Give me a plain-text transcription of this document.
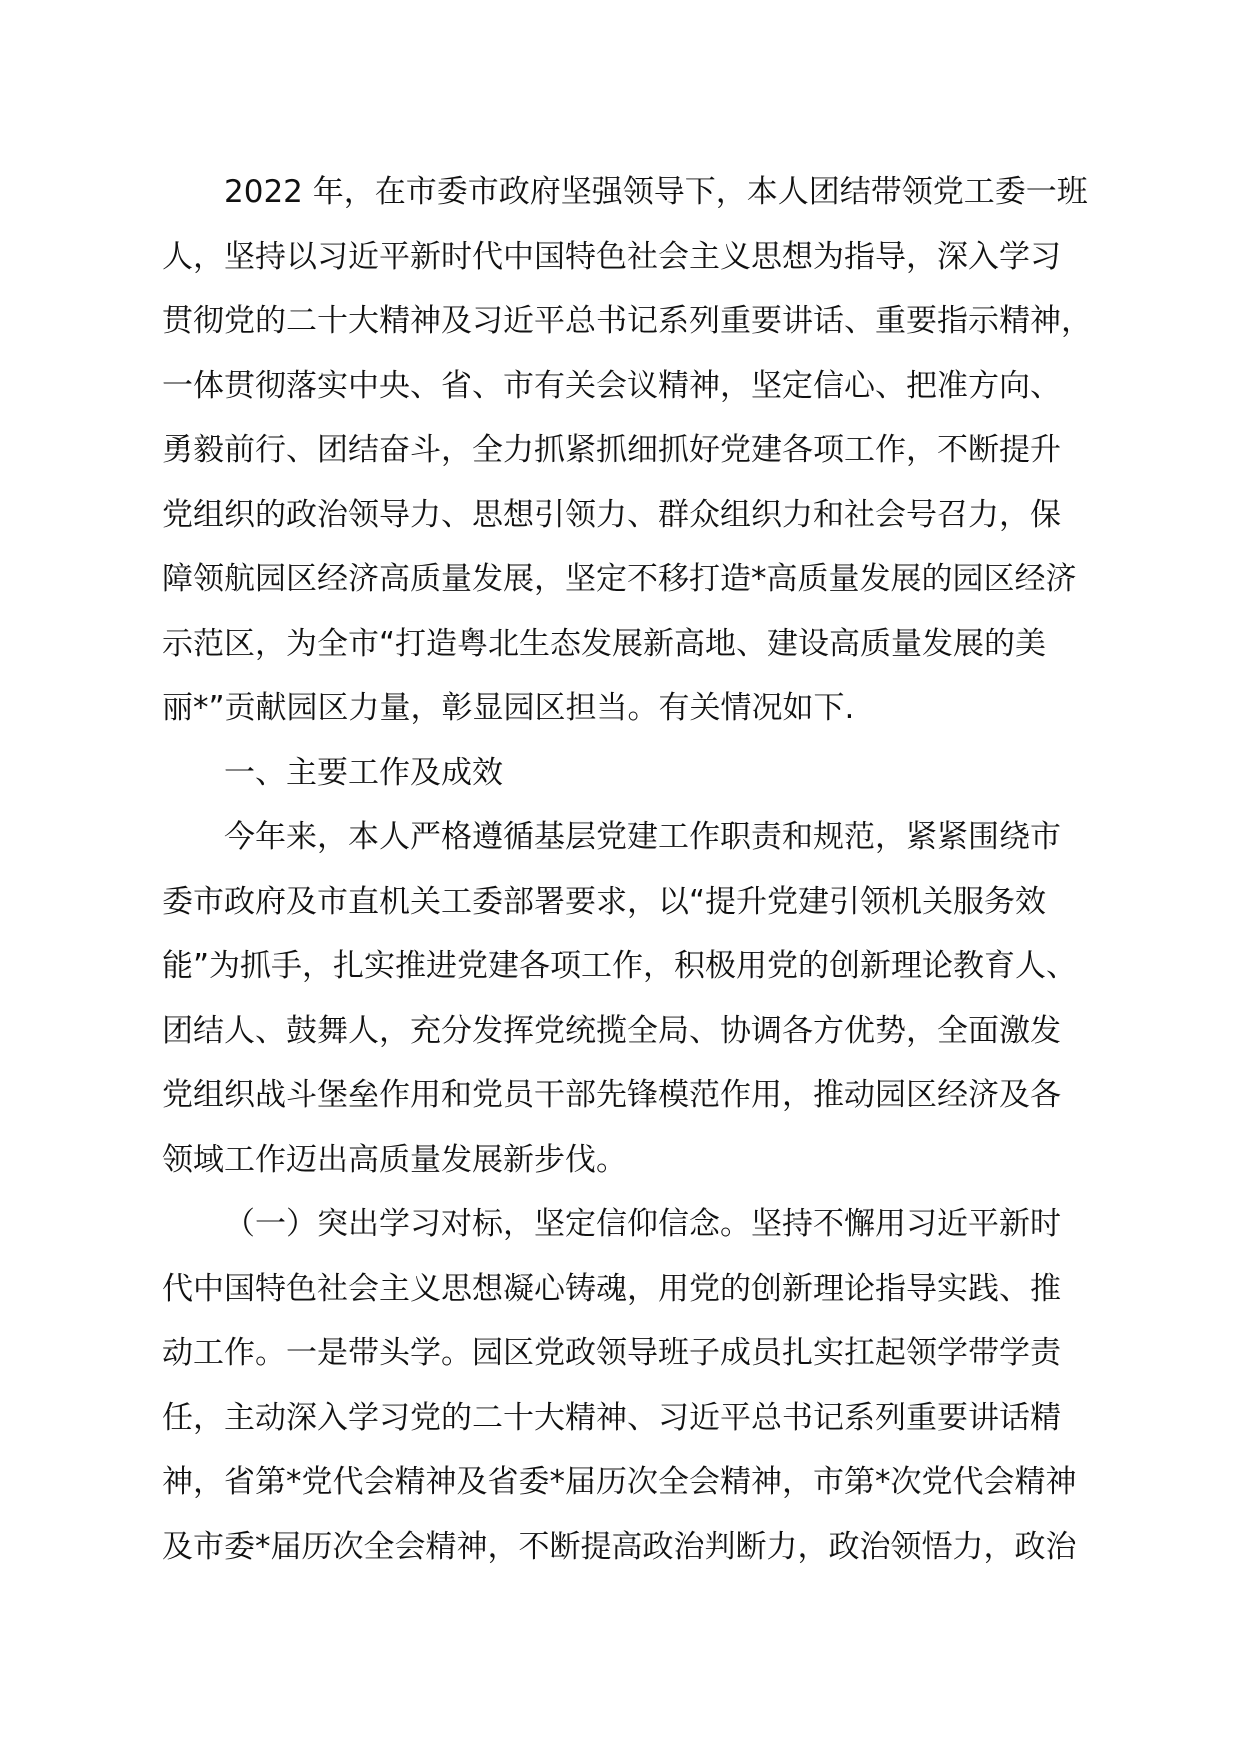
2022 年，在市委市政府坚强领导下，本人团结带领党工委一班
人，坚持以习近平新时代中国特色社会主义思想为指导，深入学习
贯彻党的二十大精神及习近平总书记系列重要讲话、重要指示精神，
一体贯彻落实中央、省、市有关会议精神，坚定信心、把准方向、
勇毅前行、团结奋斗，全力抓紧抓细抓好党建各项工作，不断提升
党组织的政治领导力、思想引领力、群众组织力和社会号召力，保
障领航园区经济高质量发展，坚定不移打造*高质量发展的园区经济
示范区，为全市“打造粤北生态发展新高地、建设高质量发展的美
丽*”贡献园区力量，彰显园区担当。有关情况如下.
一、主要工作及成效
今年来，本人严格遵循基层党建工作职责和规范，紧紧围绕市
委市政府及市直机关工委部署要求，以“提升党建引领机关服务效
能”为抓手，扎实推进党建各项工作，积极用党的创新理论教育人、
团结人、鼓舞人，充分发挥党统揽全局、协调各方优势，全面激发
党组织战斗堡垒作用和党员干部先锋模范作用，推动园区经济及各
领域工作迈出高质量发展新步伐。
（一）突出学习对标，坚定信仰信念。坚持不懈用习近平新时
代中国特色社会主义思想凝心铸魂，用党的创新理论指导实践、推
动工作。一是带头学。园区党政领导班子成员扎实扛起领学带学责
任，主动深入学习党的二十大精神、习近平总书记系列重要讲话精
神，省第*党代会精神及省委*届历次全会精神，市第*次党代会精神
及市委*届历次全会精神，不断提高政治判断力，政治领悟力，政治
